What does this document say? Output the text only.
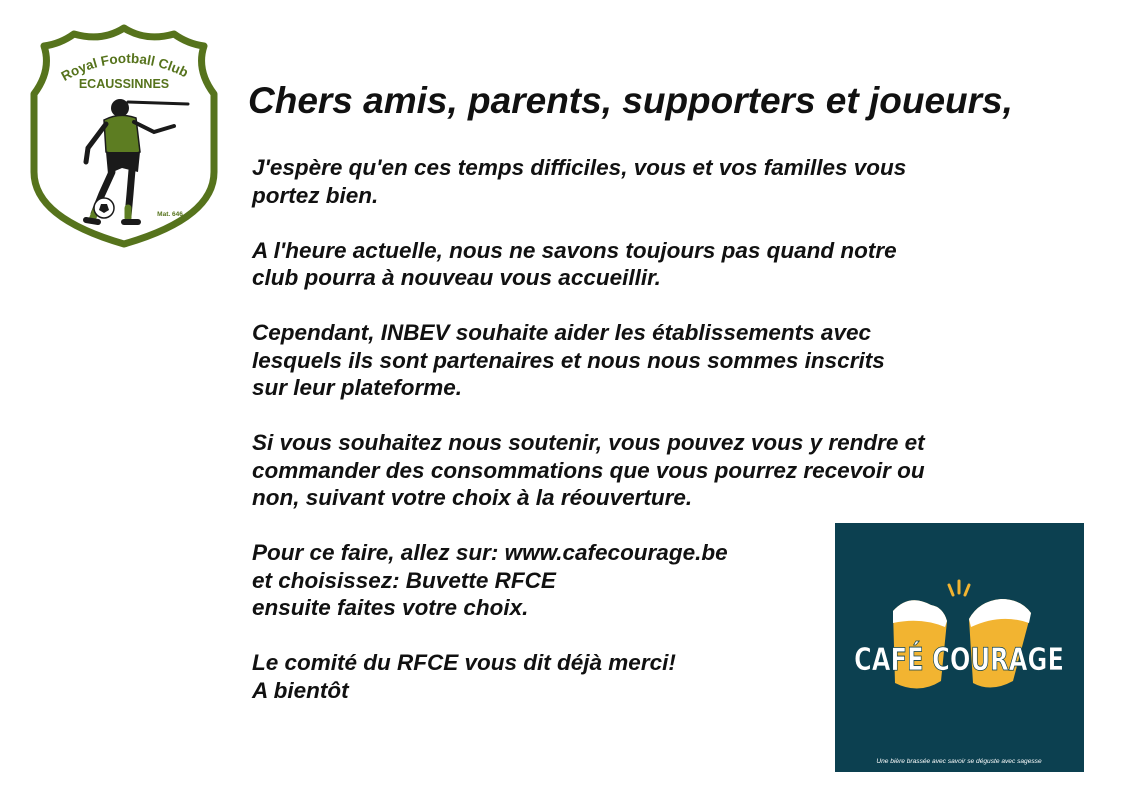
Royal Football Club
ECAUSSINNES
Mat. 646
Chers amis, parents, supporters et joueurs,
J'espère qu'en ces temps difficiles, vous et vos familles vous
portez bien.
A l'heure actuelle, nous ne savons toujours pas quand notre
club pourra à nouveau vous accueillir.
Cependant, INBEV souhaite aider les établissements avec
lesquels ils sont partenaires et nous nous sommes inscrits
sur leur plateforme.
Si vous souhaitez nous soutenir, vous pouvez vous y rendre et
commander des consommations que vous pourrez recevoir ou
non, suivant votre choix à la réouverture.
Pour ce faire, allez sur: www.cafecourage.be
et choisissez: Buvette RFCE
ensuite faites votre choix.
Le comité du RFCE vous dit déjà merci!
A bientôt
CAFÉ COURAGE
Une bière brassée avec savoir se déguste avec sagesse
